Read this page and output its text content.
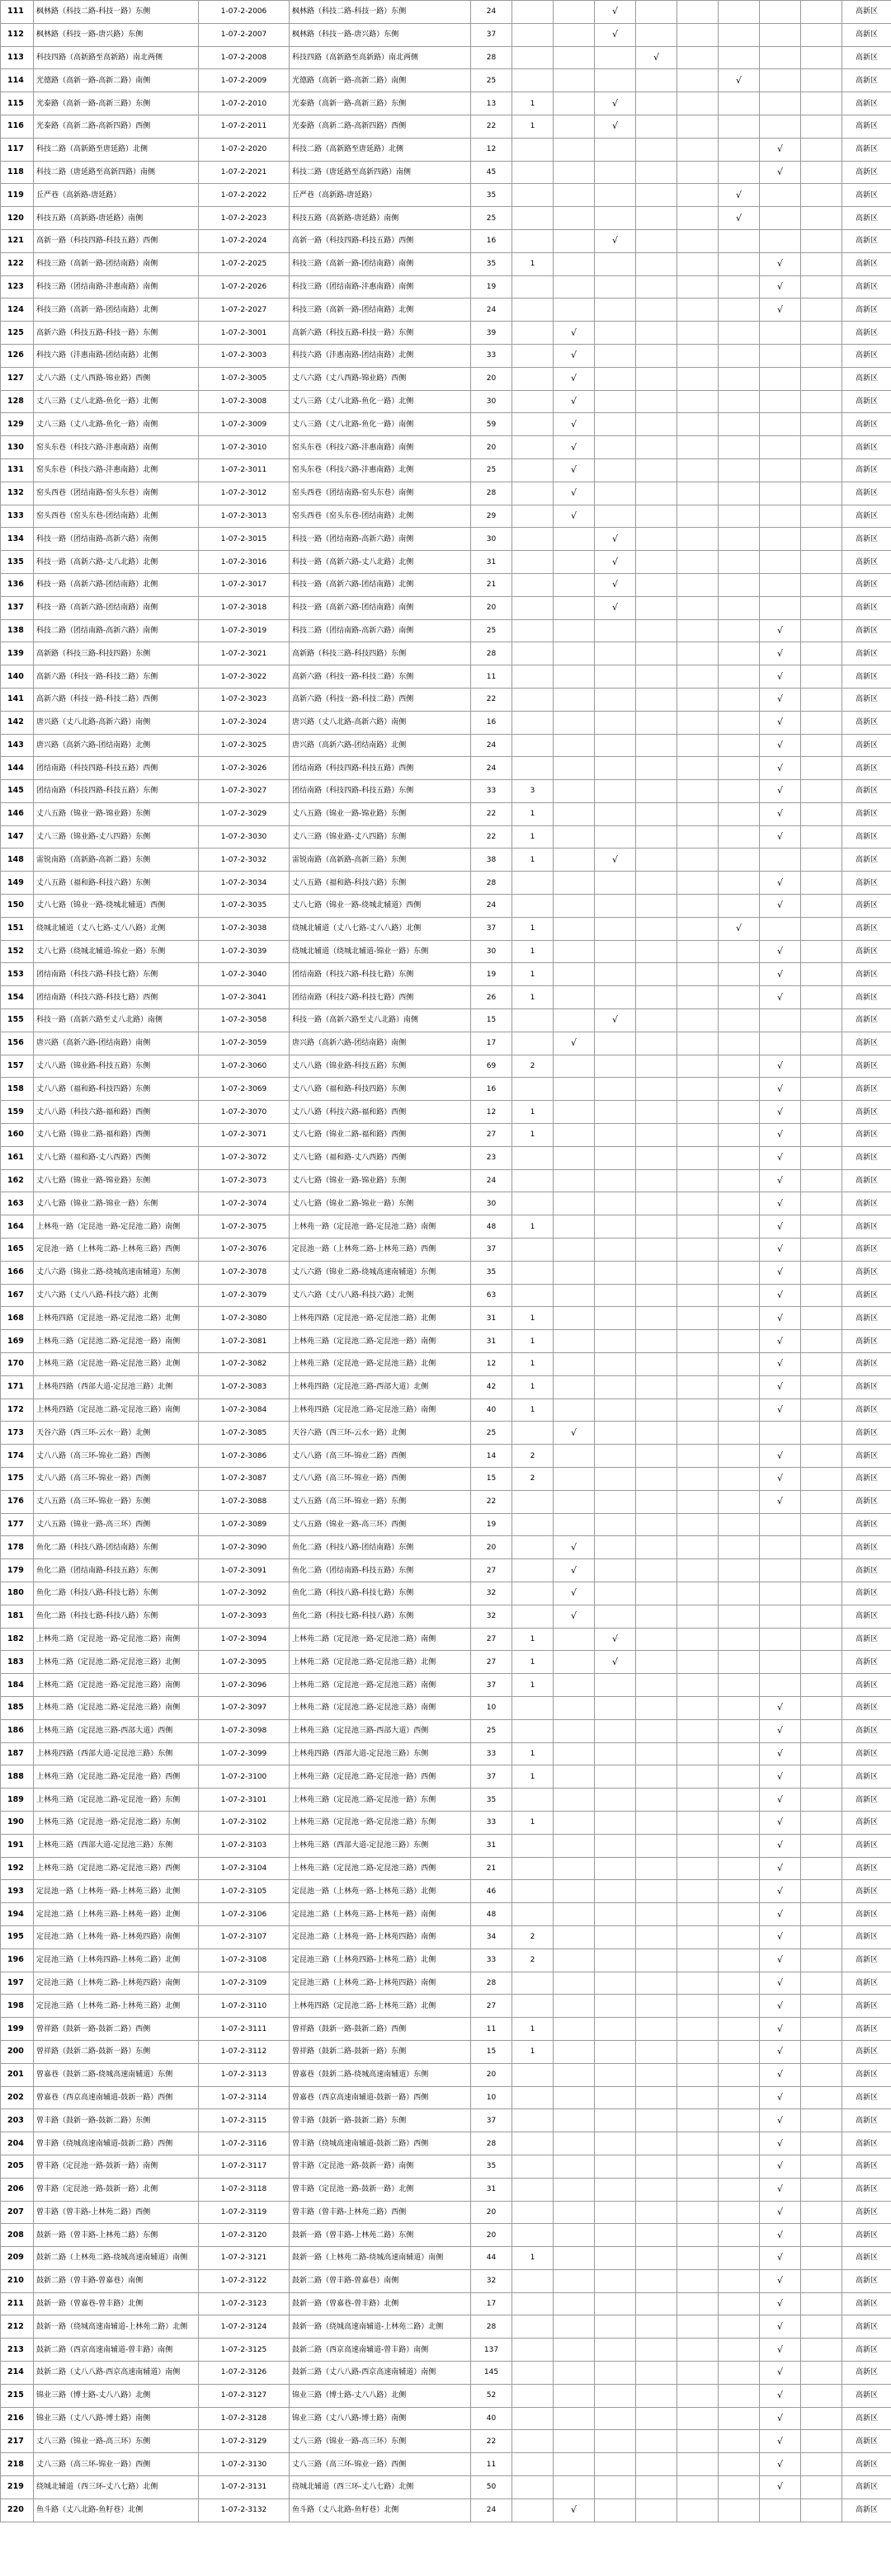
111	枫林路（科技二路-科技一路）东侧	1-07-2-2006	枫林路（科技二路-科技一路）东侧	24			√						高新区
112	枫林路（科技一路-唐兴路）东侧	1-07-2-2007	枫林路（科技一路-唐兴路）东侧	37			√						高新区
113	科技四路（高新路至高新路）南北两侧	1-07-2-2008	科技四路（高新路至高新路）南北两侧	28				√					高新区
114	光德路（高新一路-高新二路）南侧	1-07-2-2009	光德路（高新一路-高新二路）南侧	25						√			高新区
115	光泰路（高新一路-高新三路）东侧	1-07-2-2010	光泰路（高新一路-高新三路）东侧	13	1		√						高新区
116	光泰路（高新二路-高新四路）西侧	1-07-2-2011	光泰路（高新二路-高新四路）西侧	22	1		√						高新区
117	科技二路（高新路至唐延路）北侧	1-07-2-2020	科技二路（高新路至唐延路）北侧	12							√		高新区
118	科技二路（唐延路至高新四路）南侧	1-07-2-2021	科技二路（唐延路至高新四路）南侧	45							√		高新区
119	丘严巷（高新路-唐延路）	1-07-2-2022	丘严巷（高新路-唐延路）	35						√			高新区
120	科技五路（高新路-唐延路）南侧	1-07-2-2023	科技五路（高新路-唐延路）南侧	25						√			高新区
121	高新一路（科技四路-科技五路）西侧	1-07-2-2024	高新一路（科技四路-科技五路）西侧	16			√						高新区
122	科技三路（高新一路-团结南路）南侧	1-07-2-2025	科技三路（高新一路-团结南路）南侧	35	1						√		高新区
123	科技三路（团结南路-沣惠南路）南侧	1-07-2-2026	科技三路（团结南路-沣惠南路）南侧	19							√		高新区
124	科技三路（高新一路-团结南路）北侧	1-07-2-2027	科技三路（高新一路-团结南路）北侧	24							√		高新区
125	高新六路（科技五路-科技一路）东侧	1-07-2-3001	高新六路（科技五路-科技一路）东侧	39		√							高新区
126	科技六路（沣惠南路-团结南路）北侧	1-07-2-3003	科技六路（沣惠南路-团结南路）北侧	33		√							高新区
127	丈八六路（丈八西路-锦业路）西侧	1-07-2-3005	丈八六路（丈八西路-锦业路）西侧	20		√							高新区
128	丈八三路（丈八北路-鱼化一路）北侧	1-07-2-3008	丈八三路（丈八北路-鱼化一路）北侧	30		√							高新区
129	丈八三路（丈八北路-鱼化一路）南侧	1-07-2-3009	丈八三路（丈八北路-鱼化一路）南侧	59		√							高新区
130	窑头东巷（科技六路-沣惠南路）南侧	1-07-2-3010	窑头东巷（科技六路-沣惠南路）南侧	20		√							高新区
131	窑头东巷（科技六路-沣惠南路）北侧	1-07-2-3011	窑头东巷（科技六路-沣惠南路）北侧	25		√							高新区
132	窑头西巷（团结南路-窑头东巷）南侧	1-07-2-3012	窑头西巷（团结南路-窑头东巷）南侧	28		√							高新区
133	窑头西巷（窑头东巷-团结南路）北侧	1-07-2-3013	窑头西巷（窑头东巷-团结南路）北侧	29		√							高新区
134	科技一路（团结南路-高新六路）南侧	1-07-2-3015	科技一路（团结南路-高新六路）南侧	30			√						高新区
135	科技一路（高新六路-丈八北路）北侧	1-07-2-3016	科技一路（高新六路-丈八北路）北侧	31			√						高新区
136	科技一路（高新六路-团结南路）北侧	1-07-2-3017	科技一路（高新六路-团结南路）北侧	21			√						高新区
137	科技一路（高新六路-团结南路）南侧	1-07-2-3018	科技一路（高新六路-团结南路）南侧	20			√						高新区
138	科技二路（团结南路-高新六路）南侧	1-07-2-3019	科技二路（团结南路-高新六路）南侧	25							√		高新区
139	高新路（科技三路-科技四路）东侧	1-07-2-3021	高新路（科技三路-科技四路）东侧	28							√		高新区
140	高新六路（科技一路-科技二路）东侧	1-07-2-3022	高新六路（科技一路-科技二路）东侧	11							√		高新区
141	高新六路（科技一路-科技二路）西侧	1-07-2-3023	高新六路（科技一路-科技二路）西侧	22							√		高新区
142	唐兴路（丈八北路-高新六路）南侧	1-07-2-3024	唐兴路（丈八北路-高新六路）南侧	16							√		高新区
143	唐兴路（高新六路-团结南路）北侧	1-07-2-3025	唐兴路（高新六路-团结南路）北侧	24							√		高新区
144	团结南路（科技四路-科技五路）西侧	1-07-2-3026	团结南路（科技四路-科技五路）西侧	24							√		高新区
145	团结南路（科技四路-科技五路）东侧	1-07-2-3027	团结南路（科技四路-科技五路）东侧	33	3						√		高新区
146	丈八五路（锦业一路-锦业路）东侧	1-07-2-3029	丈八五路（锦业一路-锦业路）东侧	22	1						√		高新区
147	丈八三路（锦业路-丈八四路）东侧	1-07-2-3030	丈八三路（锦业路-丈八四路）东侧	22	1						√		高新区
148	雷锐南路（高新路-高新二路）东侧	1-07-2-3032	雷锐南路（高新路-高新三路）东侧	38	1		√						高新区
149	丈八五路（福和路-科技六路）东侧	1-07-2-3034	丈八五路（福和路-科技六路）东侧	28							√		高新区
150	丈八七路（锦业一路-绕城北辅道）西侧	1-07-2-3035	丈八七路（锦业一路-绕城北辅道）西侧	24							√		高新区
151	绕城北辅道（丈八七路-丈八八路）北侧	1-07-2-3038	绕城北辅道（丈八七路-丈八八路）北侧	37	1					√			高新区
152	丈八七路（绕城北辅道-锦业一路）东侧	1-07-2-3039	绕城北辅道（绕城北辅道-锦业一路）东侧	30	1						√		高新区
153	团结南路（科技六路-科技七路）东侧	1-07-2-3040	团结南路（科技六路-科技七路）东侧	19	1						√		高新区
154	团结南路（科技六路-科技七路）西侧	1-07-2-3041	团结南路（科技六路-科技七路）西侧	26	1						√		高新区
155	科技一路（高新六路至丈八北路）南侧	1-07-2-3058	科技一路（高新六路至丈八北路）南侧	15			√						高新区
156	唐兴路（高新六路-团结南路）南侧	1-07-2-3059	唐兴路（高新六路-团结南路）南侧	17		√							高新区
157	丈八八路（锦业路-科技五路）东侧	1-07-2-3060	丈八八路（锦业路-科技五路）东侧	69	2						√		高新区
158	丈八八路（福和路-科技四路）东侧	1-07-2-3069	丈八八路（福和路-科技四路）东侧	16							√		高新区
159	丈八八路（科技六路-福和路）西侧	1-07-2-3070	丈八八路（科技六路-福和路）西侧	12	1						√		高新区
160	丈八七路（锦业二路-福和路）西侧	1-07-2-3071	丈八七路（锦业二路-福和路）西侧	27	1						√		高新区
161	丈八七路（福和路-丈八西路）西侧	1-07-2-3072	丈八七路（福和路-丈八西路）西侧	23							√		高新区
162	丈八七路（锦业一路-锦业路）东侧	1-07-2-3073	丈八七路（锦业一路-锦业路）东侧	24							√		高新区
163	丈八七路（锦业二路-锦业一路）东侧	1-07-2-3074	丈八七路（锦业二路-锦业一路）东侧	30							√		高新区
164	上林苑一路（定昆池一路-定昆池二路）南侧	1-07-2-3075	上林苑一路（定昆池一路-定昆池二路）南侧	48	1						√		高新区
165	定昆池一路（上林苑二路-上林苑三路）西侧	1-07-2-3076	定昆池一路（上林苑二路-上林苑三路）西侧	37							√		高新区
166	丈八六路（锦业二路-绕城高速南辅道）东侧	1-07-2-3078	丈八六路（锦业二路-绕城高速南辅道）东侧	35							√		高新区
167	丈八六路（丈八八路-科技六路）北侧	1-07-2-3079	丈八六路（丈八八路-科技六路）北侧	63							√		高新区
168	上林苑四路（定昆池一路-定昆池二路）北侧	1-07-2-3080	上林苑四路（定昆池一路-定昆池二路）北侧	31	1						√		高新区
169	上林苑三路（定昆池二路-定昆池一路）南侧	1-07-2-3081	上林苑三路（定昆池二路-定昆池一路）南侧	31	1						√		高新区
170	上林苑三路（定昆池一路-定昆池三路）北侧	1-07-2-3082	上林苑三路（定昆池一路-定昆池三路）北侧	12	1						√		高新区
171	上林苑四路（西部大道-定昆池三路）北侧	1-07-2-3083	上林苑四路（定昆池三路-西部大道）北侧	42	1						√		高新区
172	上林苑四路（定昆池二路-定昆池三路）南侧	1-07-2-3084	上林苑四路（定昆池二路-定昆池三路）南侧	40	1						√		高新区
173	天谷六路（西三环-云水一路）北侧	1-07-2-3085	天谷六路（西三环-云水一路）北侧	25		√							高新区
174	丈八八路（高三环-锦业二路）西侧	1-07-2-3086	丈八八路（高三环-锦业二路）西侧	14	2						√		高新区
175	丈八八路（高三环-锦业一路）西侧	1-07-2-3087	丈八八路（高三环-锦业一路）西侧	15	2						√		高新区
176	丈八五路（高三环-锦业一路）东侧	1-07-2-3088	丈八五路（高三环-锦业一路）东侧	22							√		高新区
177	丈八五路（锦业一路-高三环）西侧	1-07-2-3089	丈八五路（锦业一路-高三环）西侧	19									高新区
178	鱼化二路（科技八路-团结南路）东侧	1-07-2-3090	鱼化二路（科技八路-团结南路）东侧	20		√							高新区
179	鱼化二路（团结南路-科技五路）东侧	1-07-2-3091	鱼化二路（团结南路-科技五路）东侧	27		√							高新区
180	鱼化二路（科技八路-科技七路）东侧	1-07-2-3092	鱼化二路（科技八路-科技七路）东侧	32		√							高新区
181	鱼化二路（科技七路-科技八路）东侧	1-07-2-3093	鱼化二路（科技七路-科技八路）东侧	32		√							高新区
182	上林苑二路（定昆池一路-定昆池二路）南侧	1-07-2-3094	上林苑二路（定昆池一路-定昆池二路）南侧	27	1		√						高新区
183	上林苑二路（定昆池二路-定昆池三路）北侧	1-07-2-3095	上林苑二路（定昆池二路-定昆池三路）北侧	27	1		√						高新区
184	上林苑二路（定昆池一路-定昆池三路）南侧	1-07-2-3096	上林苑二路（定昆池一路-定昆池三路）南侧	37	1								高新区
185	上林苑二路（定昆池二路-定昆池三路）南侧	1-07-2-3097	上林苑二路（定昆池二路-定昆池三路）南侧	10							√		高新区
186	上林苑三路（定昆池三路-西部大道）西侧	1-07-2-3098	上林苑三路（定昆池三路-西部大道）西侧	25							√		高新区
187	上林苑四路（西部大道-定昆池三路）东侧	1-07-2-3099	上林苑四路（西部大道-定昆池三路）东侧	33	1						√		高新区
188	上林苑三路（定昆池二路-定昆池一路）西侧	1-07-2-3100	上林苑三路（定昆池二路-定昆池一路）西侧	37	1						√		高新区
189	上林苑三路（定昆池二路-定昆池一路）东侧	1-07-2-3101	上林苑三路（定昆池二路-定昆池一路）东侧	35							√		高新区
190	上林苑三路（定昆池一路-定昆池二路）东侧	1-07-2-3102	上林苑三路（定昆池一路-定昆池二路）东侧	33	1						√		高新区
191	上林苑三路（西部大道-定昆池三路）东侧	1-07-2-3103	上林苑三路（西部大道-定昆池三路）东侧	31							√		高新区
192	上林苑三路（定昆池二路-定昆池三路）西侧	1-07-2-3104	上林苑三路（定昆池二路-定昆池三路）西侧	21							√		高新区
193	定昆池一路（上林苑一路-上林苑三路）北侧	1-07-2-3105	定昆池一路（上林苑一路-上林苑三路）北侧	46							√		高新区
194	定昆池二路（上林苑三路-上林苑一路）北侧	1-07-2-3106	定昆池二路（上林苑三路-上林苑一路）南侧	48							√		高新区
195	定昆池二路（上林苑一路-上林苑四路）南侧	1-07-2-3107	定昆池二路（上林苑一路-上林苑四路）南侧	34	2						√		高新区
196	定昆池三路（上林苑四路-上林苑二路）北侧	1-07-2-3108	定昆池三路（上林苑四路-上林苑二路）北侧	33	2						√		高新区
197	定昆池三路（上林苑二路-上林苑四路）南侧	1-07-2-3109	定昆池三路（上林苑二路-上林苑四路）南侧	28							√		高新区
198	定昆池三路（上林苑二路-上林苑三路）北侧	1-07-2-3110	上林苑四路（定昆池二路-上林苑三路）北侧	27							√		高新区
199	曾祥路（鼓新一路-鼓新二路）西侧	1-07-2-3111	曾祥路（鼓新一路-鼓新二路）西侧	11	1						√		高新区
200	曾祥路（鼓新二路-鼓新一路）东侧	1-07-2-3112	曾祥路（鼓新二路-鼓新一路）东侧	15	1						√		高新区
201	曾嘉巷（鼓新二路-绕城高速南辅道）东侧	1-07-2-3113	曾嘉巷（鼓新二路-绕城高速南辅道）东侧	20							√		高新区
202	曾嘉巷（西京高速南辅道-鼓新一路）西侧	1-07-2-3114	曾嘉巷（西京高速南辅道-鼓新一路）西侧	10							√		高新区
203	曾丰路（鼓新一路-鼓新二路）东侧	1-07-2-3115	曾丰路（鼓新一路-鼓新二路）东侧	37							√		高新区
204	曾丰路（绕城高速南辅道-鼓新二路）西侧	1-07-2-3116	曾丰路（绕城高速南辅道-鼓新二路）西侧	28							√		高新区
205	曾丰路（定昆池一路-鼓新一路）南侧	1-07-2-3117	曾丰路（定昆池一路-鼓新一路）南侧	35							√		高新区
206	曾丰路（定昆池一路-鼓新一路）北侧	1-07-2-3118	曾丰路（定昆池一路-鼓新一路）北侧	31							√		高新区
207	曾丰路（曾丰路-上林苑二路）西侧	1-07-2-3119	曾丰路（曾丰路-上林苑二路）西侧	20							√		高新区
208	鼓新一路（曾丰路-上林苑二路）东侧	1-07-2-3120	鼓新一路（曾丰路-上林苑二路）东侧	20							√		高新区
209	鼓新二路（上林苑二路-绕城高速南辅道）南侧	1-07-2-3121	鼓新一路（上林苑二路-绕城高速南辅道）南侧	44	1						√		高新区
210	鼓新二路（曾丰路-曾嘉巷）南侧	1-07-2-3122	鼓新二路（曾丰路-曾嘉巷）南侧	32							√		高新区
211	鼓新一路（曾嘉巷-曾丰路）北侧	1-07-2-3123	鼓新一路（曾嘉巷-曾丰路）北侧	17							√		高新区
212	鼓新一路（绕城高速南辅道-上林苑二路）北侧	1-07-2-3124	鼓新一路（绕城高速南辅道-上林苑二路）北侧	28							√		高新区
213	鼓新二路（西京高速南辅道-曾丰路）南侧	1-07-2-3125	鼓新二路（西京高速南辅道-曾丰路）南侧	137							√		高新区
214	鼓新二路（丈八八路-西京高速南辅道）南侧	1-07-2-3126	鼓新二路（丈八八路-西京高速南辅道）南侧	145							√		高新区
215	锦业三路（博士路-丈八八路）北侧	1-07-2-3127	锦业三路（博士路-丈八八路）北侧	52							√		高新区
216	锦业三路（丈八八路-博士路）南侧	1-07-2-3128	锦业三路（丈八八路-博士路）南侧	40							√		高新区
217	丈八三路（锦业一路-高三环）东侧	1-07-2-3129	丈八三路（锦业一路-高三环）东侧	22							√		高新区
218	丈八三路（高三环-锦业一路）西侧	1-07-2-3130	丈八三路（高三环-锦业一路）西侧	11							√		高新区
219	绕城北辅道（西三环-丈八七路）北侧	1-07-2-3131	绕城北辅道（西三环-丈八七路）北侧	50							√		高新区
220	鱼斗路（丈八北路-鱼籽巷）北侧	1-07-2-3132	鱼斗路（丈八北路-鱼籽巷）北侧	24		√							高新区
